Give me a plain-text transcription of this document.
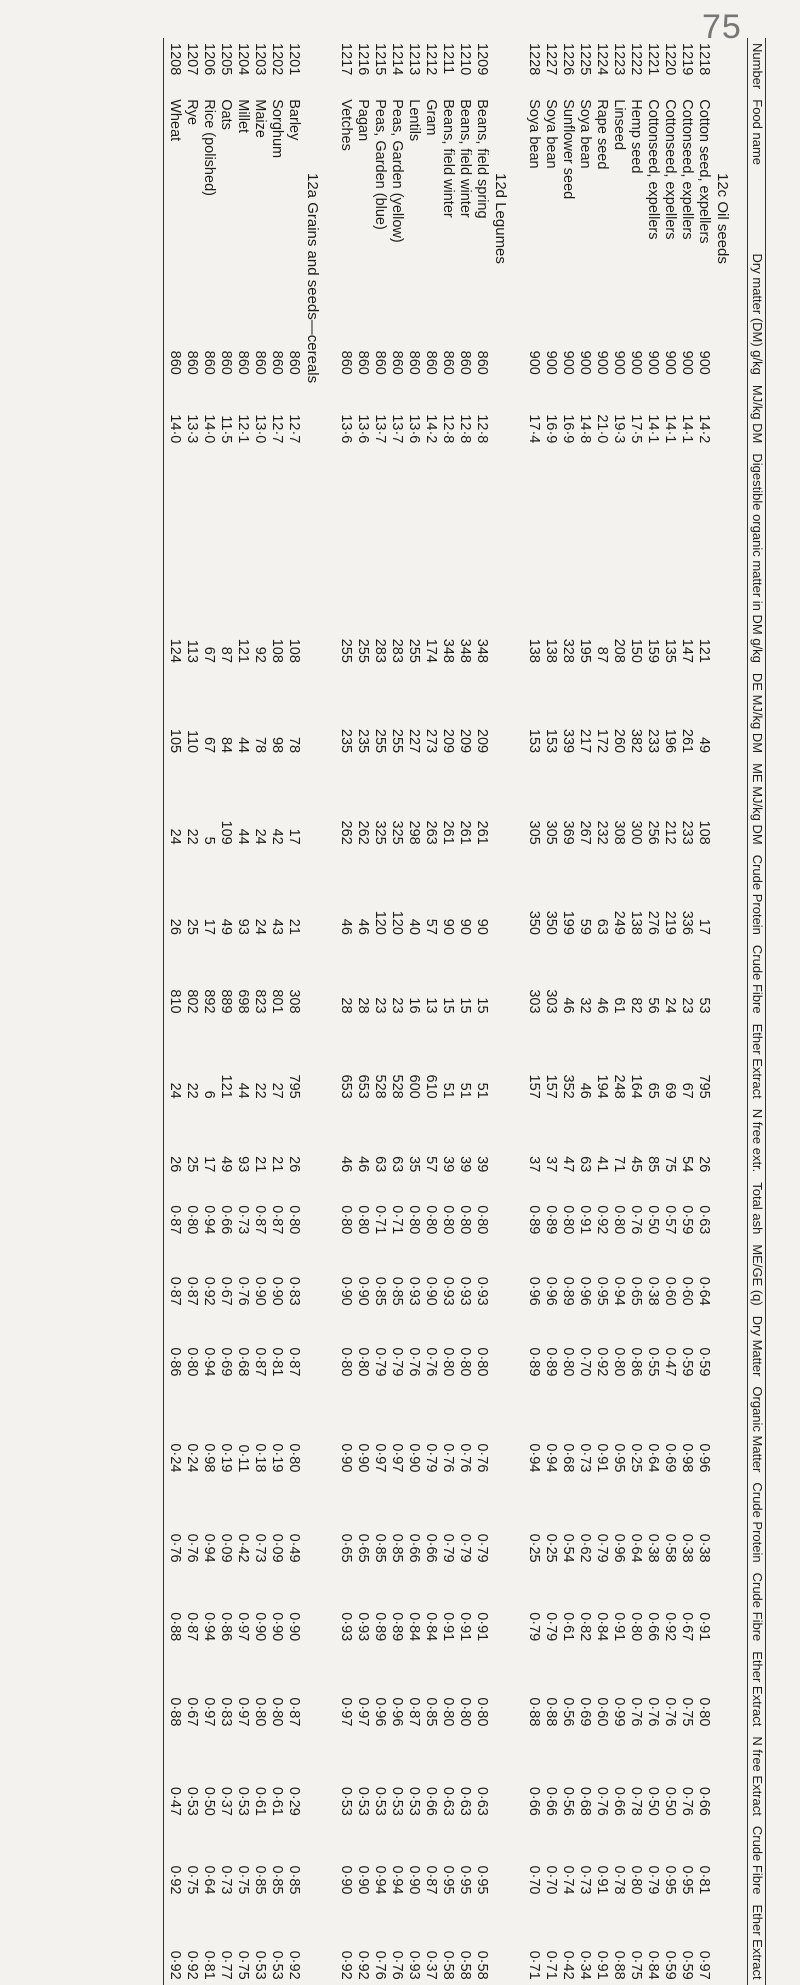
75
Number	Food name	Dry matter (DM) g/kg	MJ/kg DM	Digestible organic matter in DM g/kg	DE MJ/kg DM	ME MJ/kg DM	Crude Protein	Crude Fibre	Ether Extract	N free extr.	Total ash	ME/GE (q)	Dry Matter	Organic Matter	Crude Protein	Crude Fibre	Ether Extract	N free Extract	Crude Fibre	Ether Extract
12c Oil seeds																				
1218	Cotton seed, expellers	900	14·2	121	49	108	17	53	795	26	0·63	0·64	0·59	0·96	0·38	0·91	0·80	0·66	0·81	0·97
1219	Cottonseed, expellers	900	14·1	147	261	233	336	23	67	54	0·59	0·60	0·59	0·98	0·38	0·67	0·75	0·76	0·95	0·59
1220	Cottonseed, expellers	900	14·1	135	196	212	219	24	69	75	0·57	0·60	0·47	0·69	0·58	0·92	0·76	0·50	0·95	0·59
1221	Cottonseed, expellers	900	14·1	159	233	256	276	56	65	85	0·50	0·38	0·55	0·64	0·38	0·66	0·76	0·50	0·79	0·84
1222	Hemp seed	900	17·5	150	382	300	138	82	164	45	0·76	0·65	0·86	0·25	0·64	0·80	0·76	0·78	0·80	0·75
1223	Linseed	900	19·3	208	260	308	249	61	248	71	0·80	0·94	0·80	0·95	0·96	0·91	0·99	0·66	0·78	0·88
1224	Rape seed	900	21·0	87	172	232	63	46	194	41	0·92	0·95	0·92	0·91	0·79	0·84	0·60	0·76	0·91	0·91
1225	Soya bean	900	14·8	195	217	267	59	32	46	63	0·91	0·96	0·70	0·73	0·62	0·82	0·69	0·68	0·73	0·34
1226	Sunflower seed	900	16·9	328	339	369	199	46	352	47	0·80	0·89	0·80	0·68	0·54	0·61	0·56	0·56	0·74	0·42
1227	Soya bean	900	16·9	138	153	305	350	303	157	37	0·89	0·96	0·89	0·94	0·25	0·79	0·88	0·66	0·70	0·71
1228	Soya bean	900	17·4	138	153	305	350	303	157	37	0·89	0·96	0·89	0·94	0·25	0·79	0·88	0·66	0·70	0·71
12d Legumes																				
1209	Beans, field spring	860	12·8	348	209	261	90	15	51	39	0·80	0·93	0·80	0·76	0·79	0·91	0·80	0·63	0·95	0·58
1210	Beans, field winter	860	12·8	348	209	261	90	15	51	39	0·80	0·93	0·80	0·76	0·79	0·91	0·80	0·63	0·95	0·58
1211	Beans, field winter	860	12·8	348	209	261	90	15	51	39	0·80	0·93	0·80	0·76	0·79	0·91	0·80	0·63	0·95	0·58
1212	Gram	860	14·2	174	273	263	57	13	610	57	0·80	0·90	0·76	0·79	0·66	0·84	0·85	0·66	0·87	0·37
1213	Lentils	860	13·6	255	227	298	40	16	600	35	0·80	0·93	0·76	0·90	0·66	0·84	0·87	0·53	0·90	0·93
1214	Peas, Garden (yellow)	860	13·7	283	255	325	120	23	528	63	0·71	0·85	0·79	0·97	0·85	0·89	0·96	0·53	0·94	0·76
1215	Peas, Garden (blue)	860	13·7	283	255	325	120	23	528	63	0·71	0·85	0·79	0·97	0·85	0·89	0·96	0·53	0·94	0·76
1216	Pagan	860	13·6	255	235	262	46	28	653	46	0·80	0·90	0·80	0·90	0·65	0·93	0·97	0·53	0·90	0·92
1217	Vetches	860	13·6	255	235	262	46	28	653	46	0·80	0·90	0·80	0·90	0·65	0·93	0·97	0·53	0·90	0·92
12a Grains and seeds—cereals																				
1201	Barley	860	12·7	108	78	17	21	308	795	26	0·80	0·83	0·87	0·80	0·49	0·90	0·87	0·29	0·85	0·92
1202	Sorghum	860	12·7	108	98	42	43	801	27	21	0·87	0·90	0·81	0·19	0·09	0·90	0·80	0·61	0·85	0·53
1203	Maize	860	13·0	92	78	24	24	823	22	21	0·87	0·90	0·87	0·18	0·73	0·90	0·80	0·61	0·85	0·53
1204	Millet	860	12·1	121	44	44	93	698	44	93	0·73	0·76	0·68	0·11	0·42	0·97	0·97	0·53	0·75	0·75
1205	Oats	860	11·5	87	84	109	49	889	121	49	0·66	0·67	0·69	0·19	0·09	0·86	0·83	0·37	0·73	0·77
1206	Rice (polished)	860	14·0	67	67	5	17	892	6	17	0·94	0·92	0·94	0·98	0·94	0·94	0·97	0·50	0·64	0·81
1207	Rye	860	13·3	113	110	22	25	802	22	25	0·80	0·87	0·80	0·24	0·76	0·87	0·67	0·53	0·75	0·92
1208	Wheat	860	14·0	124	105	24	26	810	24	26	0·87	0·87	0·86	0·24	0·76	0·88	0·88	0·47	0·92	0·92
